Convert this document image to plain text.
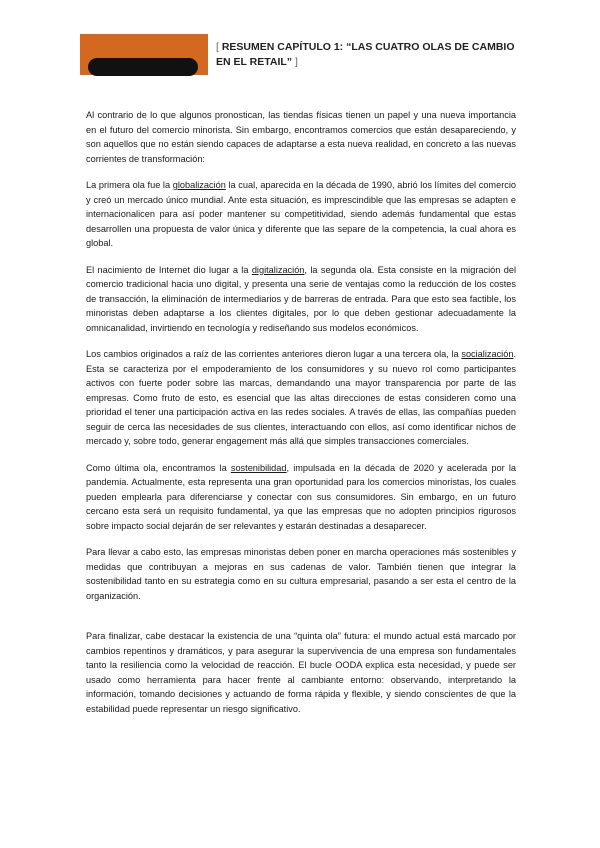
[ RESUMEN CAPÍTULO 1: “LAS CUATRO OLAS DE CAMBIO EN EL RETAIL” ]

Al contrario de lo que algunos pronostican, las tiendas físicas tienen un papel y una nueva importancia en el futuro del comercio minorista. Sin embargo, encontramos comercios que están desapareciendo, y son aquellos que no están siendo capaces de adaptarse a esta nueva realidad, en concreto a las nuevas corrientes de transformación:

La primera ola fue la globalización la cual, aparecida en la década de 1990, abrió los límites del comercio y creó un mercado único mundial. Ante esta situación, es imprescindible que las empresas se adapten e internacionalicen para así poder mantener su competitividad, siendo además fundamental que estas desarrollen una propuesta de valor única y diferente que las separe de la competencia, la cual ahora es global.

El nacimiento de Internet dio lugar a la digitalización, la segunda ola. Esta consiste en la migración del comercio tradicional hacia uno digital, y presenta una serie de ventajas como la reducción de los costes de transacción, la eliminación de intermediarios y de barreras de entrada. Para que esto sea factible, los minoristas deben adaptarse a los clientes digitales, por lo que deben gestionar adecuadamente la omnicanalidad, invirtiendo en tecnología y rediseñando sus modelos económicos.

Los cambios originados a raíz de las corrientes anteriores dieron lugar a una tercera ola, la socialización. Esta se caracteriza por el empoderamiento de los consumidores y su nuevo rol como participantes activos con fuerte poder sobre las marcas, demandando una mayor transparencia por parte de las empresas. Como fruto de esto, es esencial que las altas direcciones de estas consideren como una prioridad el tener una participación activa en las redes sociales. A través de ellas, las compañías pueden seguir de cerca las necesidades de sus clientes, interactuando con ellos, así como identificar nichos de mercado y, sobre todo, generar engagement más allá que simples transacciones comerciales.

Como última ola, encontramos la sostenibilidad, impulsada en la década de 2020 y acelerada por la pandemia. Actualmente, esta representa una gran oportunidad para los comercios minoristas, los cuales pueden emplearla para diferenciarse y conectar con sus consumidores. Sin embargo, en un futuro cercano esta será un requisito fundamental, ya que las empresas que no adopten principios rigurosos sobre impacto social dejarán de ser relevantes y estarán destinadas a desaparecer.

Para llevar a cabo esto, las empresas minoristas deben poner en marcha operaciones más sostenibles y medidas que contribuyan a mejoras en sus cadenas de valor. También tienen que integrar la sostenibilidad tanto en su estrategia como en su cultura empresarial, pasando a ser esta el centro de la organización.

Para finalizar, cabe destacar la existencia de una “quinta ola” futura: el mundo actual está marcado por cambios repentinos y dramáticos, y para asegurar la supervivencia de una empresa son fundamentales tanto la resiliencia como la velocidad de reacción. El bucle OODA explica esta necesidad, y puede ser usado como herramienta para hacer frente al cambiante entorno: observando, interpretando la información, tomando decisiones y actuando de forma rápida y flexible, y siendo conscientes de que la estabilidad puede representar un riesgo significativo.
